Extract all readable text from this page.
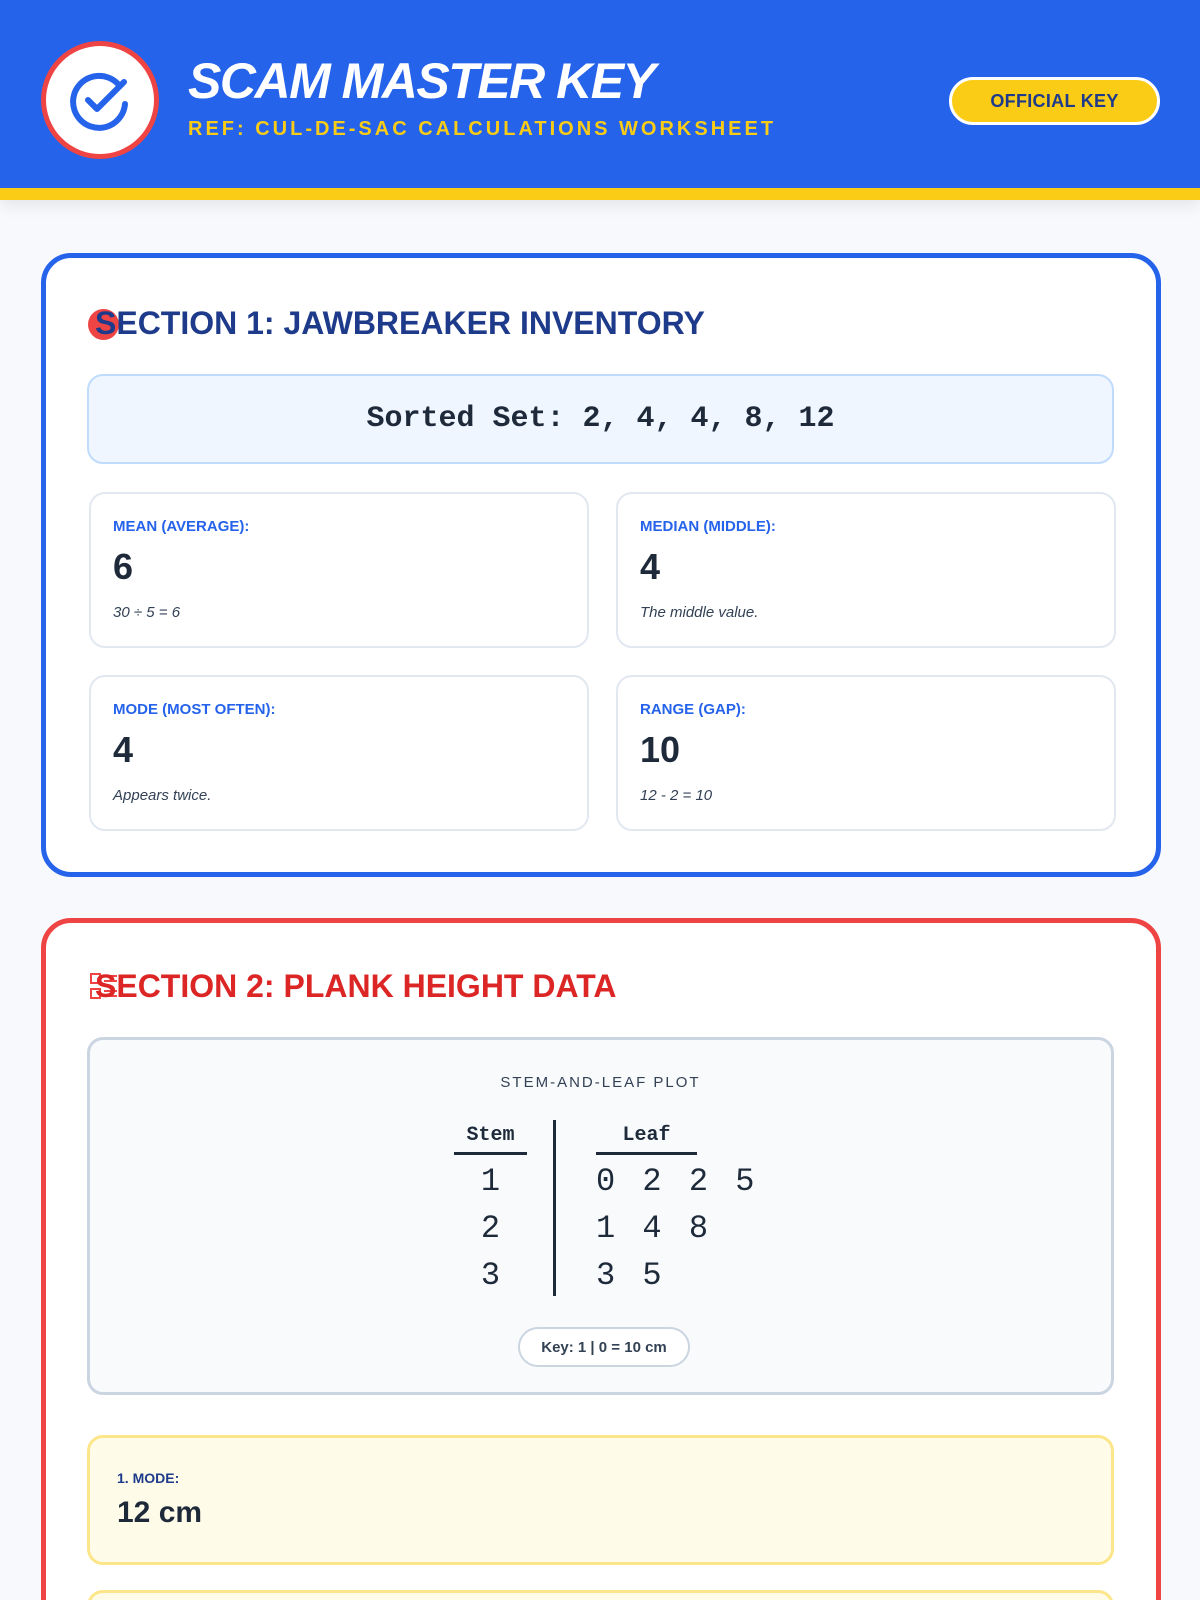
SCAM MASTER KEY
REF: CUL-DE-SAC CALCULATIONS WORKSHEET
OFFICIAL KEY
SECTION 1: JAWBREAKER INVENTORY
Sorted Set: 2, 4, 4, 8, 12
MEAN (AVERAGE):
6
30 ÷ 5 = 6
MEDIAN (MIDDLE):
4
The middle value.
MODE (MOST OFTEN):
4
Appears twice.
RANGE (GAP):
10
12 - 2 = 10
SECTION 2: PLANK HEIGHT DATA
STEM-AND-LEAF PLOT
Stem	Leaf
1	0 2 2 5
2	1 4 8
3	3 5
Key: 1 | 0 = 10 cm
1. MODE:
12 cm
